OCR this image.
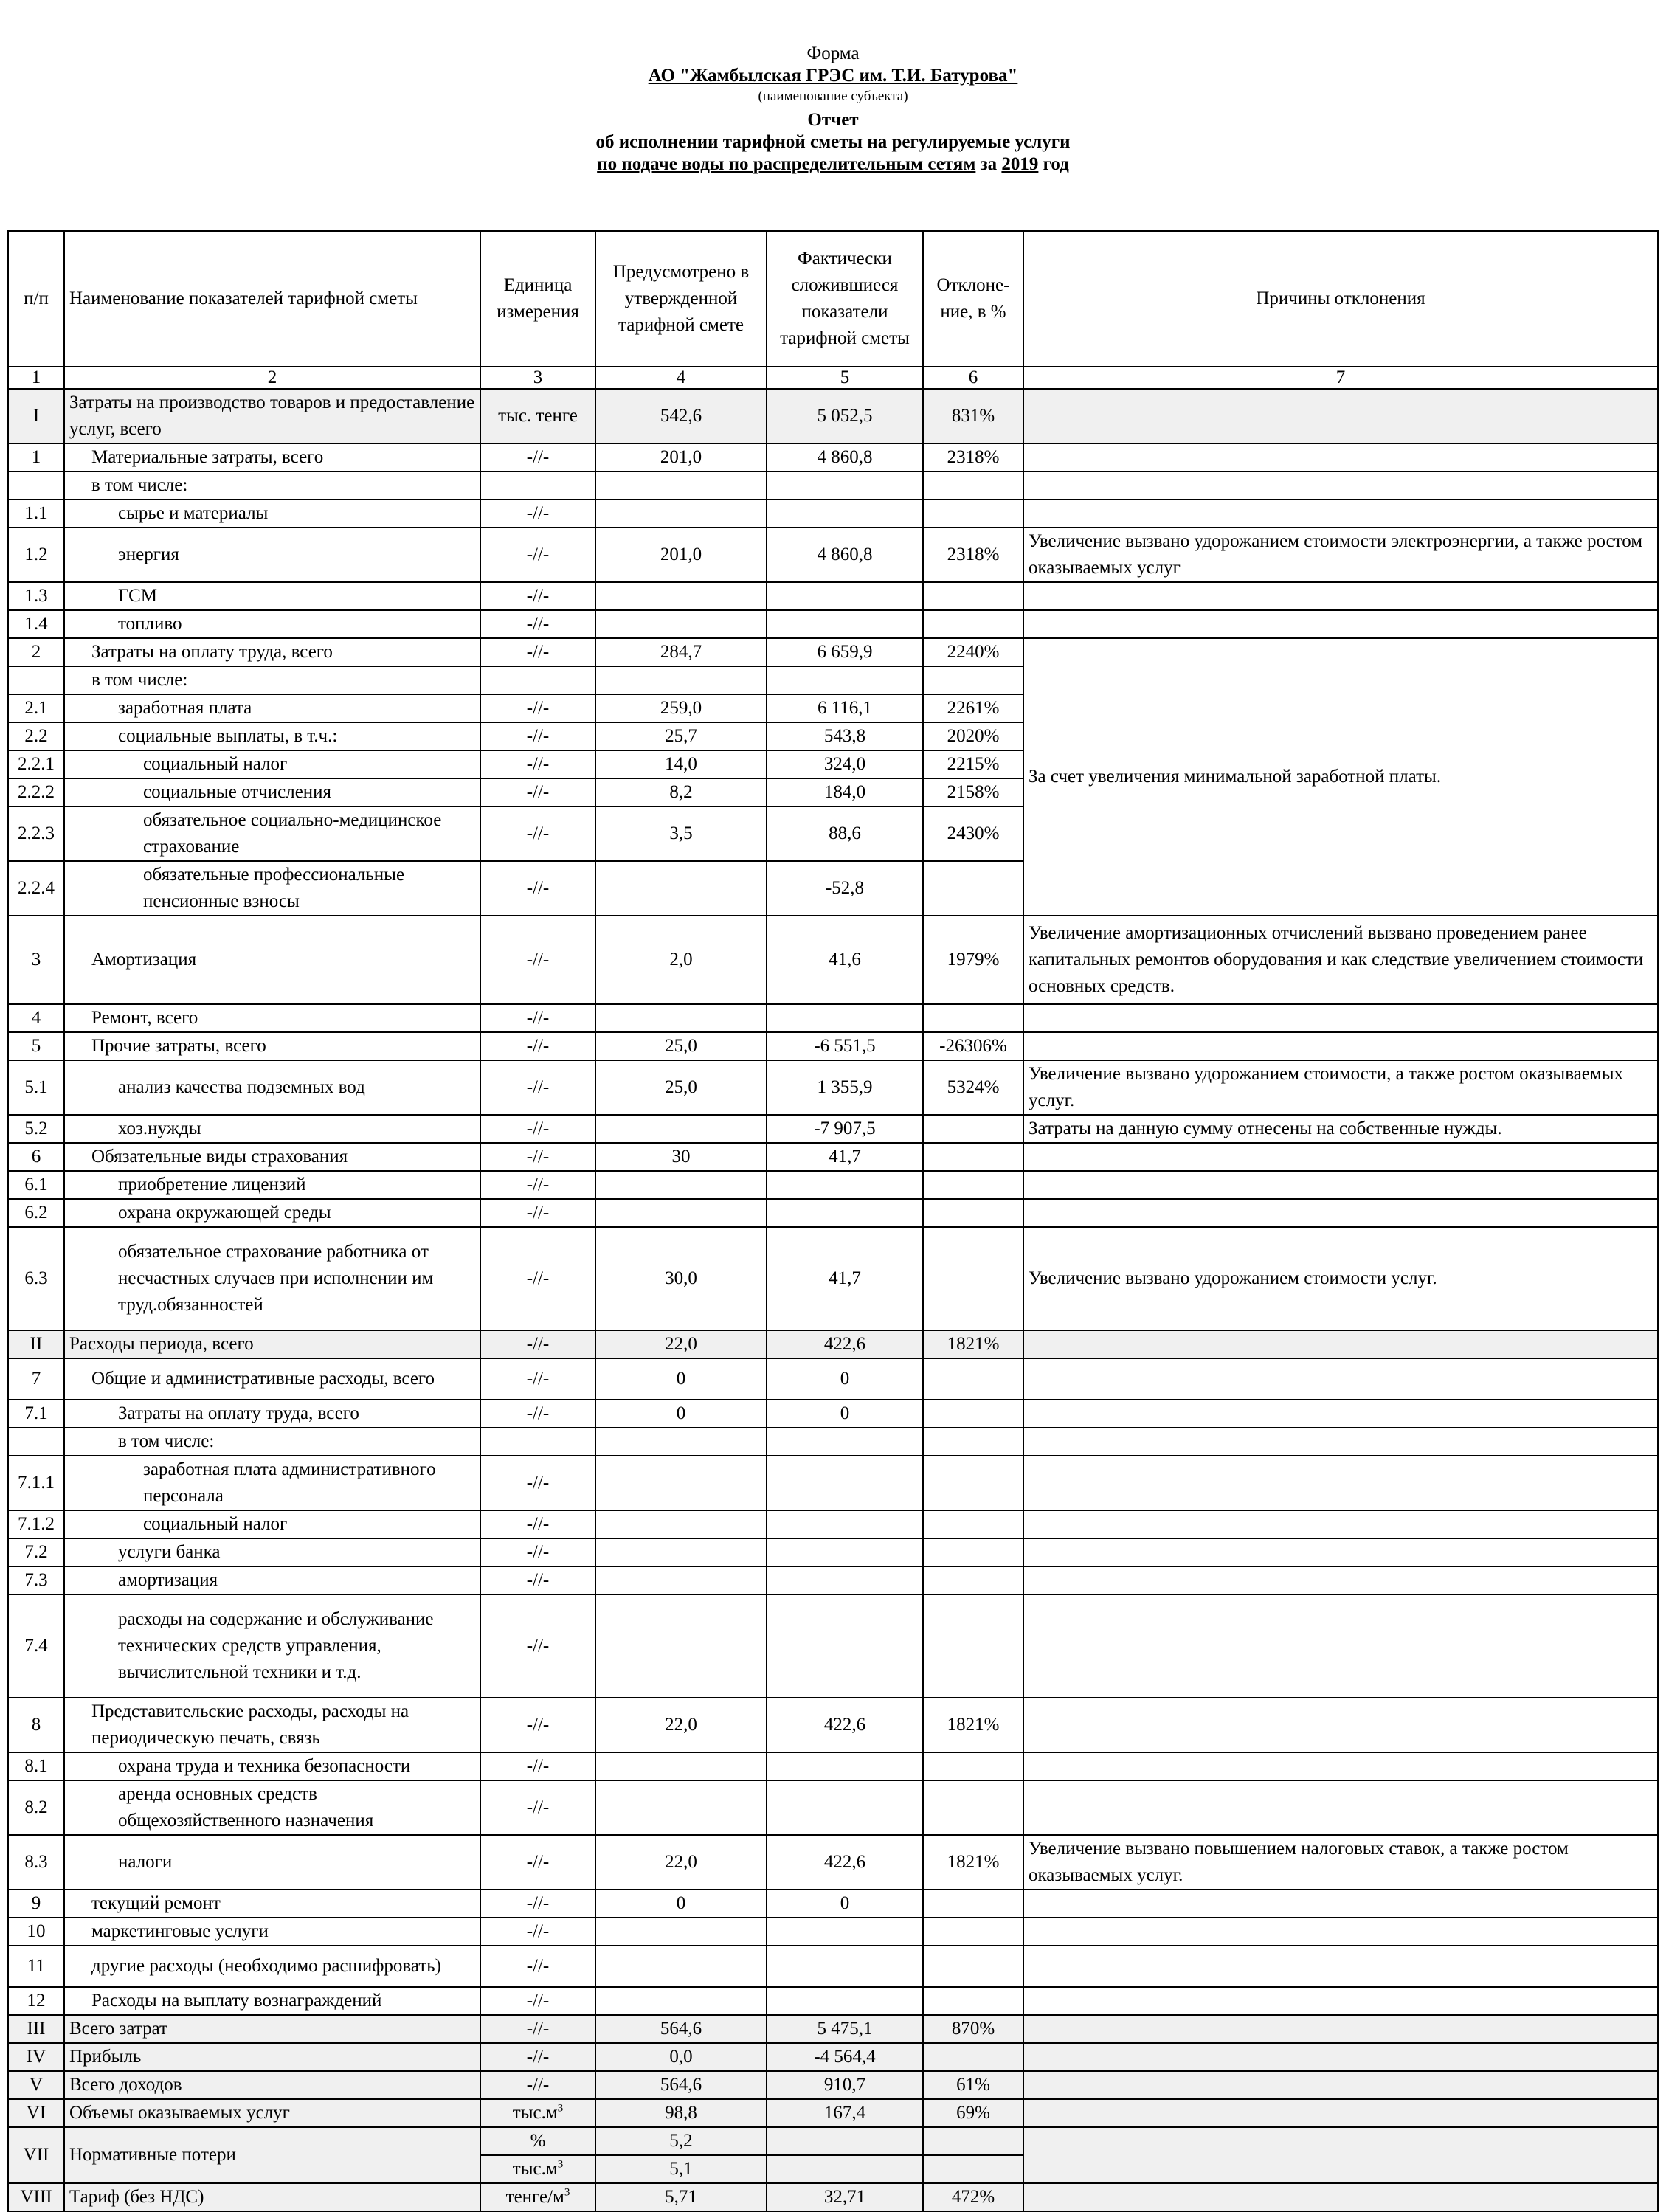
Форма
АО "Жамбылская ГРЭС им. Т.И. Батурова"
(наименование субъекта)
Отчет
об исполнении тарифной сметы на регулируемые услуги
по подаче воды по распределительным сетям за 2019 год
п/п	Наименование показателей тарифной сметы	Единица измерения	Предусмотрено в утвержденной тарифной смете	Фактически сложившиеся показатели тарифной сметы	Отклоне-ние, в %	Причины отклонения
1	2	3	4	5	6	7
I	Затраты на производство товаров и предоставление услуг, всего	тыс. тенге	542,6	5 052,5	831%	
1	Материальные затраты, всего	-//-	201,0	4 860,8	2318%	
	в том числе:					
1.1	сырье и материалы	-//-				
1.2	энергия	-//-	201,0	4 860,8	2318%	Увеличение вызвано удорожанием стоимости электроэнергии, а также ростом оказываемых услуг
1.3	ГСМ	-//-				
1.4	топливо	-//-				
2	Затраты на оплату труда, всего	-//-	284,7	6 659,9	2240%	За счет увеличения минимальной заработной платы.
	в том числе:					
2.1	заработная плата	-//-	259,0	6 116,1	2261%	
2.2	социальные выплаты, в т.ч.:	-//-	25,7	543,8	2020%	
2.2.1	социальный налог	-//-	14,0	324,0	2215%	
2.2.2	социальные отчисления	-//-	8,2	184,0	2158%	
2.2.3	обязательное социально-медицинское страхование	-//-	3,5	88,6	2430%	
2.2.4	обязательные профессиональные пенсионные взносы	-//-		-52,8		
3	Амортизация	-//-	2,0	41,6	1979%	Увеличение амортизационных отчислений вызвано проведением ранее капитальных ремонтов оборудования и как следствие увеличением стоимости основных средств.
4	Ремонт, всего	-//-				
5	Прочие затраты, всего	-//-	25,0	-6 551,5	-26306%	
5.1	анализ качества подземных вод	-//-	25,0	1 355,9	5324%	Увеличение вызвано удорожанием стоимости, а также ростом оказываемых услуг.
5.2	хоз.нужды	-//-		-7 907,5		Затраты на данную сумму отнесены на собственные нужды.
6	Обязательные виды страхования	-//-	30	41,7		
6.1	приобретение лицензий	-//-				
6.2	охрана окружающей среды	-//-				
6.3	обязательное страхование работника от несчастных случаев при исполнении им труд.обязанностей	-//-	30,0	41,7		Увеличение вызвано удорожанием стоимости услуг.
II	Расходы периода, всего	-//-	22,0	422,6	1821%	
7	Общие и административные расходы, всего	-//-	0	0		
7.1	Затраты на оплату труда, всего	-//-	0	0		
	в том числе:					
7.1.1	заработная плата административного персонала	-//-				
7.1.2	социальный налог	-//-				
7.2	услуги банка	-//-				
7.3	амортизация	-//-				
7.4	расходы на содержание и обслуживание технических средств управления, вычислительной техники и т.д.	-//-				
8	Представительские расходы, расходы на периодическую печать, связь	-//-	22,0	422,6	1821%	
8.1	охрана труда и техника безопасности	-//-				
8.2	аренда основных средств общехозяйственного назначения	-//-				
8.3	налоги	-//-	22,0	422,6	1821%	Увеличение вызвано повышением налоговых ставок, а также ростом оказываемых услуг.
9	текущий ремонт	-//-	0	0		
10	маркетинговые услуги	-//-				
11	другие расходы (необходимо расшифровать)	-//-				
12	Расходы на выплату вознаграждений	-//-				
III	Всего затрат	-//-	564,6	5 475,1	870%	
IV	Прибыль	-//-	0,0	-4 564,4		
V	Всего доходов	-//-	564,6	910,7	61%	
VI	Объемы оказываемых услуг	$тыс.м^3$	98,8	167,4	69%	
VII	Нормативные потери	%	5,2			
		$тыс.м^3$	5,1			
VIII	Тариф (без НДС)	тенге/$м^3$	5,71	32,71	472%	
